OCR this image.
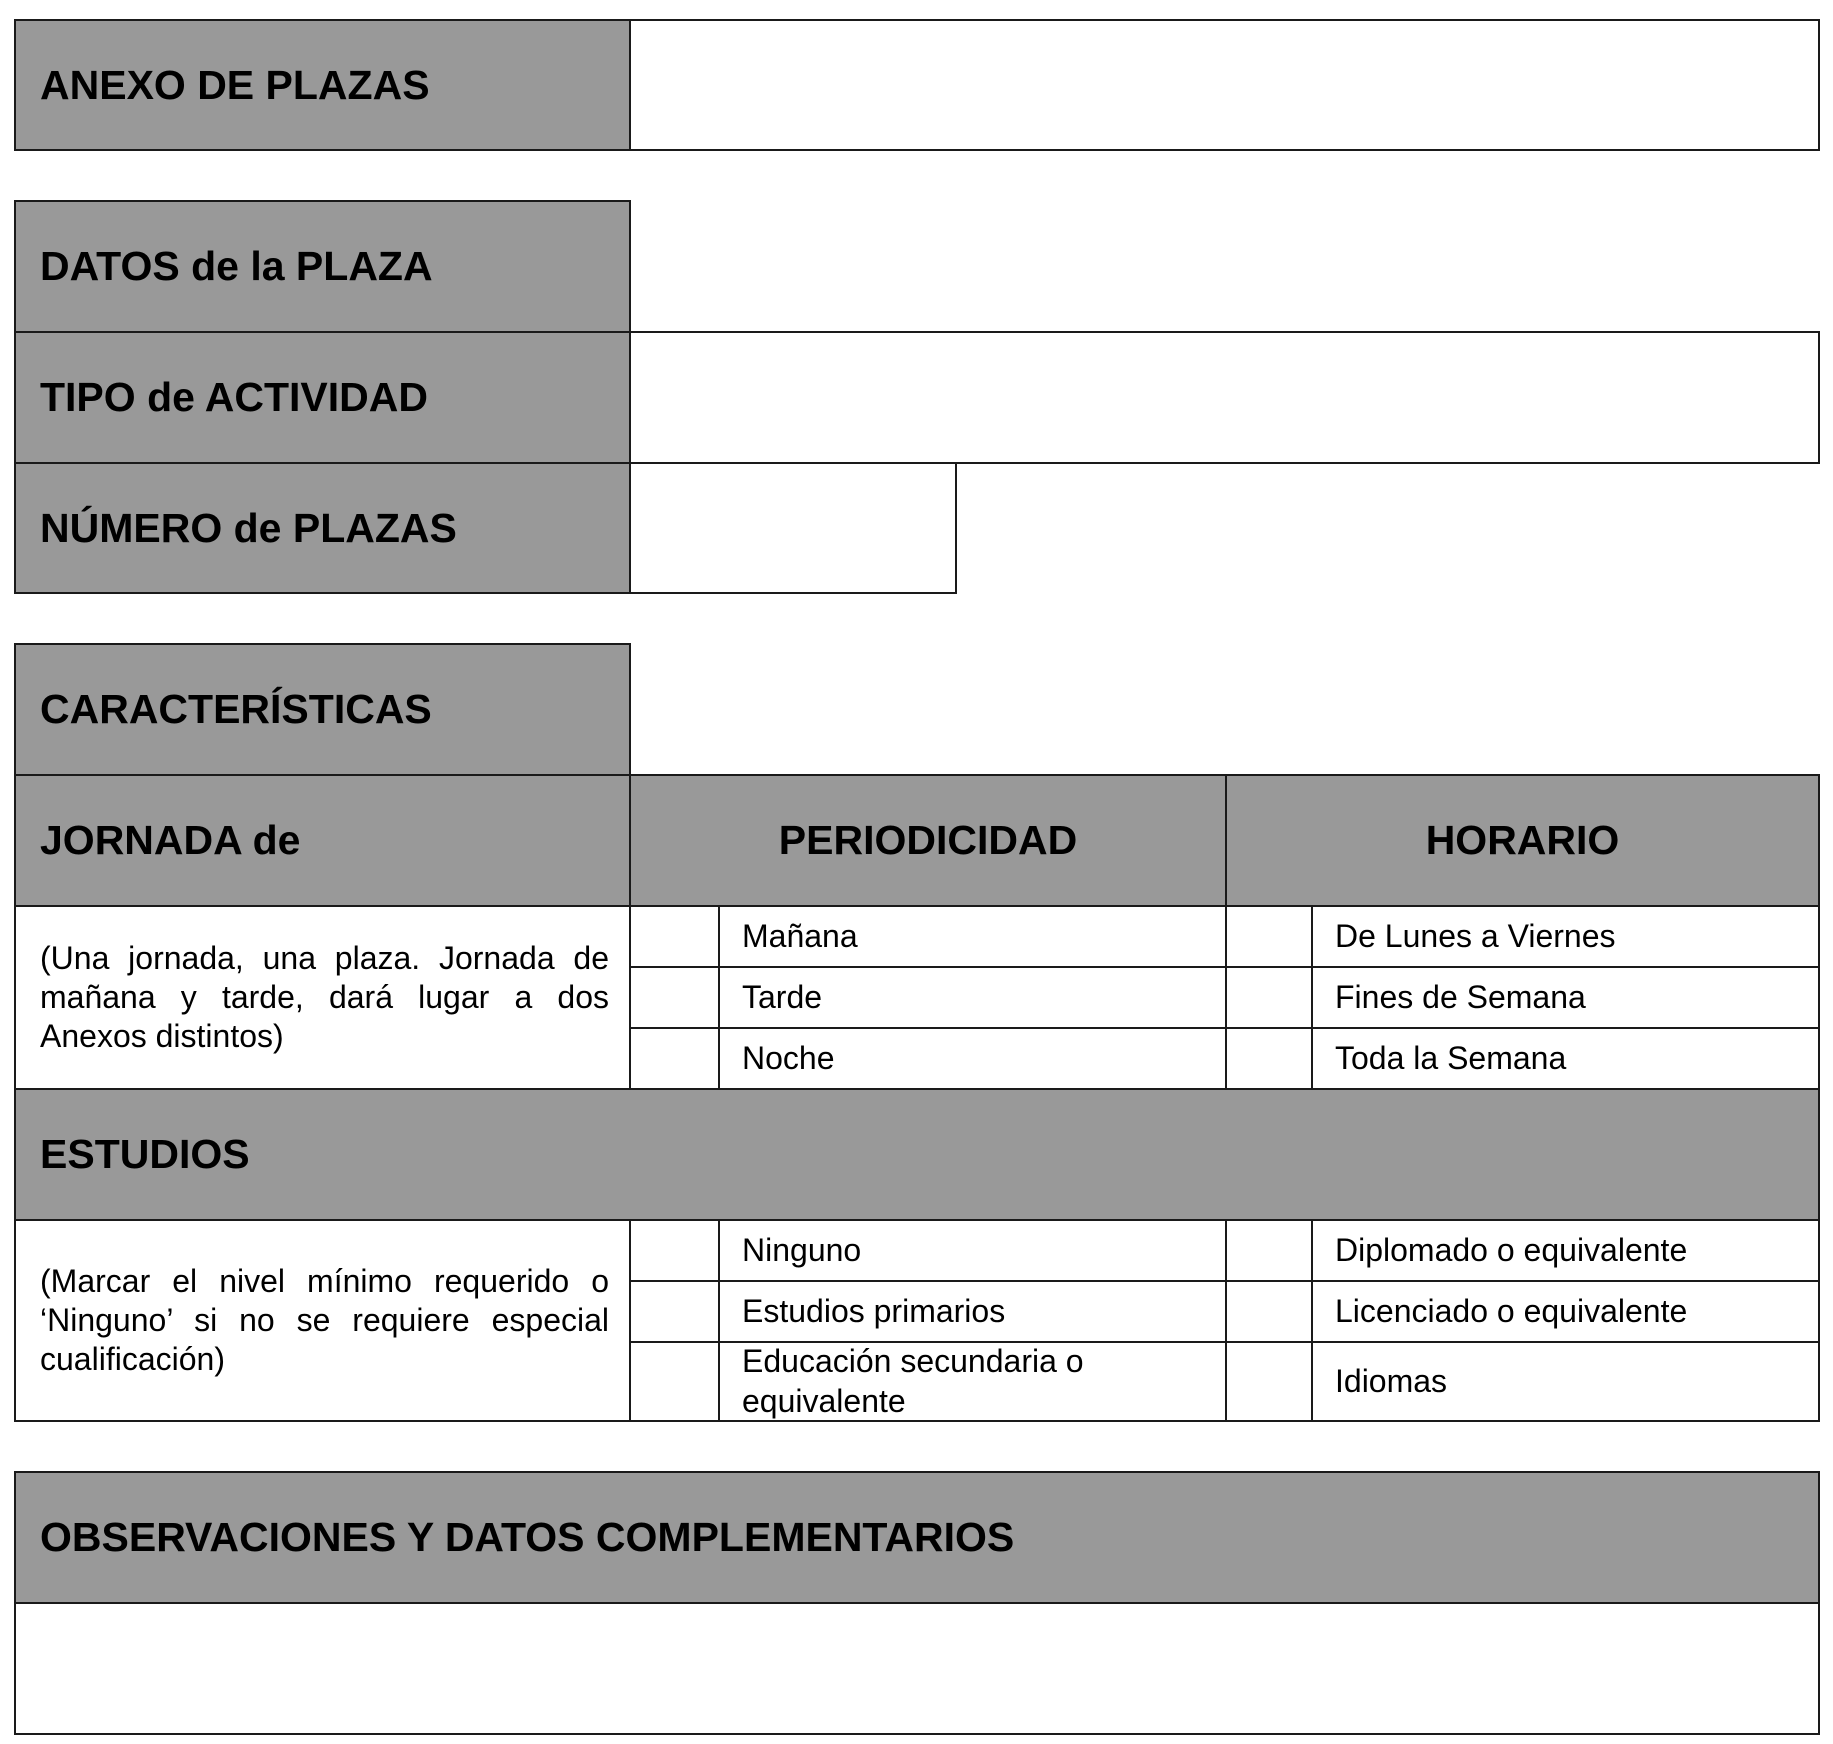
ANEXO DE PLAZAS
DATOS de la PLAZA
TIPO de ACTIVIDAD
NÚMERO de PLAZAS
CARACTERÍSTICAS
JORNADA de	PERIODICIDAD	HORARIO
(Una jornada, una plaza. Jornada de mañana y tarde, dará lugar a dos Anexos distintos)
Mañana
Tarde
Noche
De Lunes a Viernes
Fines de Semana
Toda la Semana
ESTUDIOS
(Marcar el nivel mínimo requerido o ‘Ninguno’ si no se requiere especial cualificación)
Ninguno
Estudios primarios
Educación secundaria o equivalente
Diplomado o equivalente
Licenciado o equivalente
Idiomas
OBSERVACIONES Y DATOS COMPLEMENTARIOS
